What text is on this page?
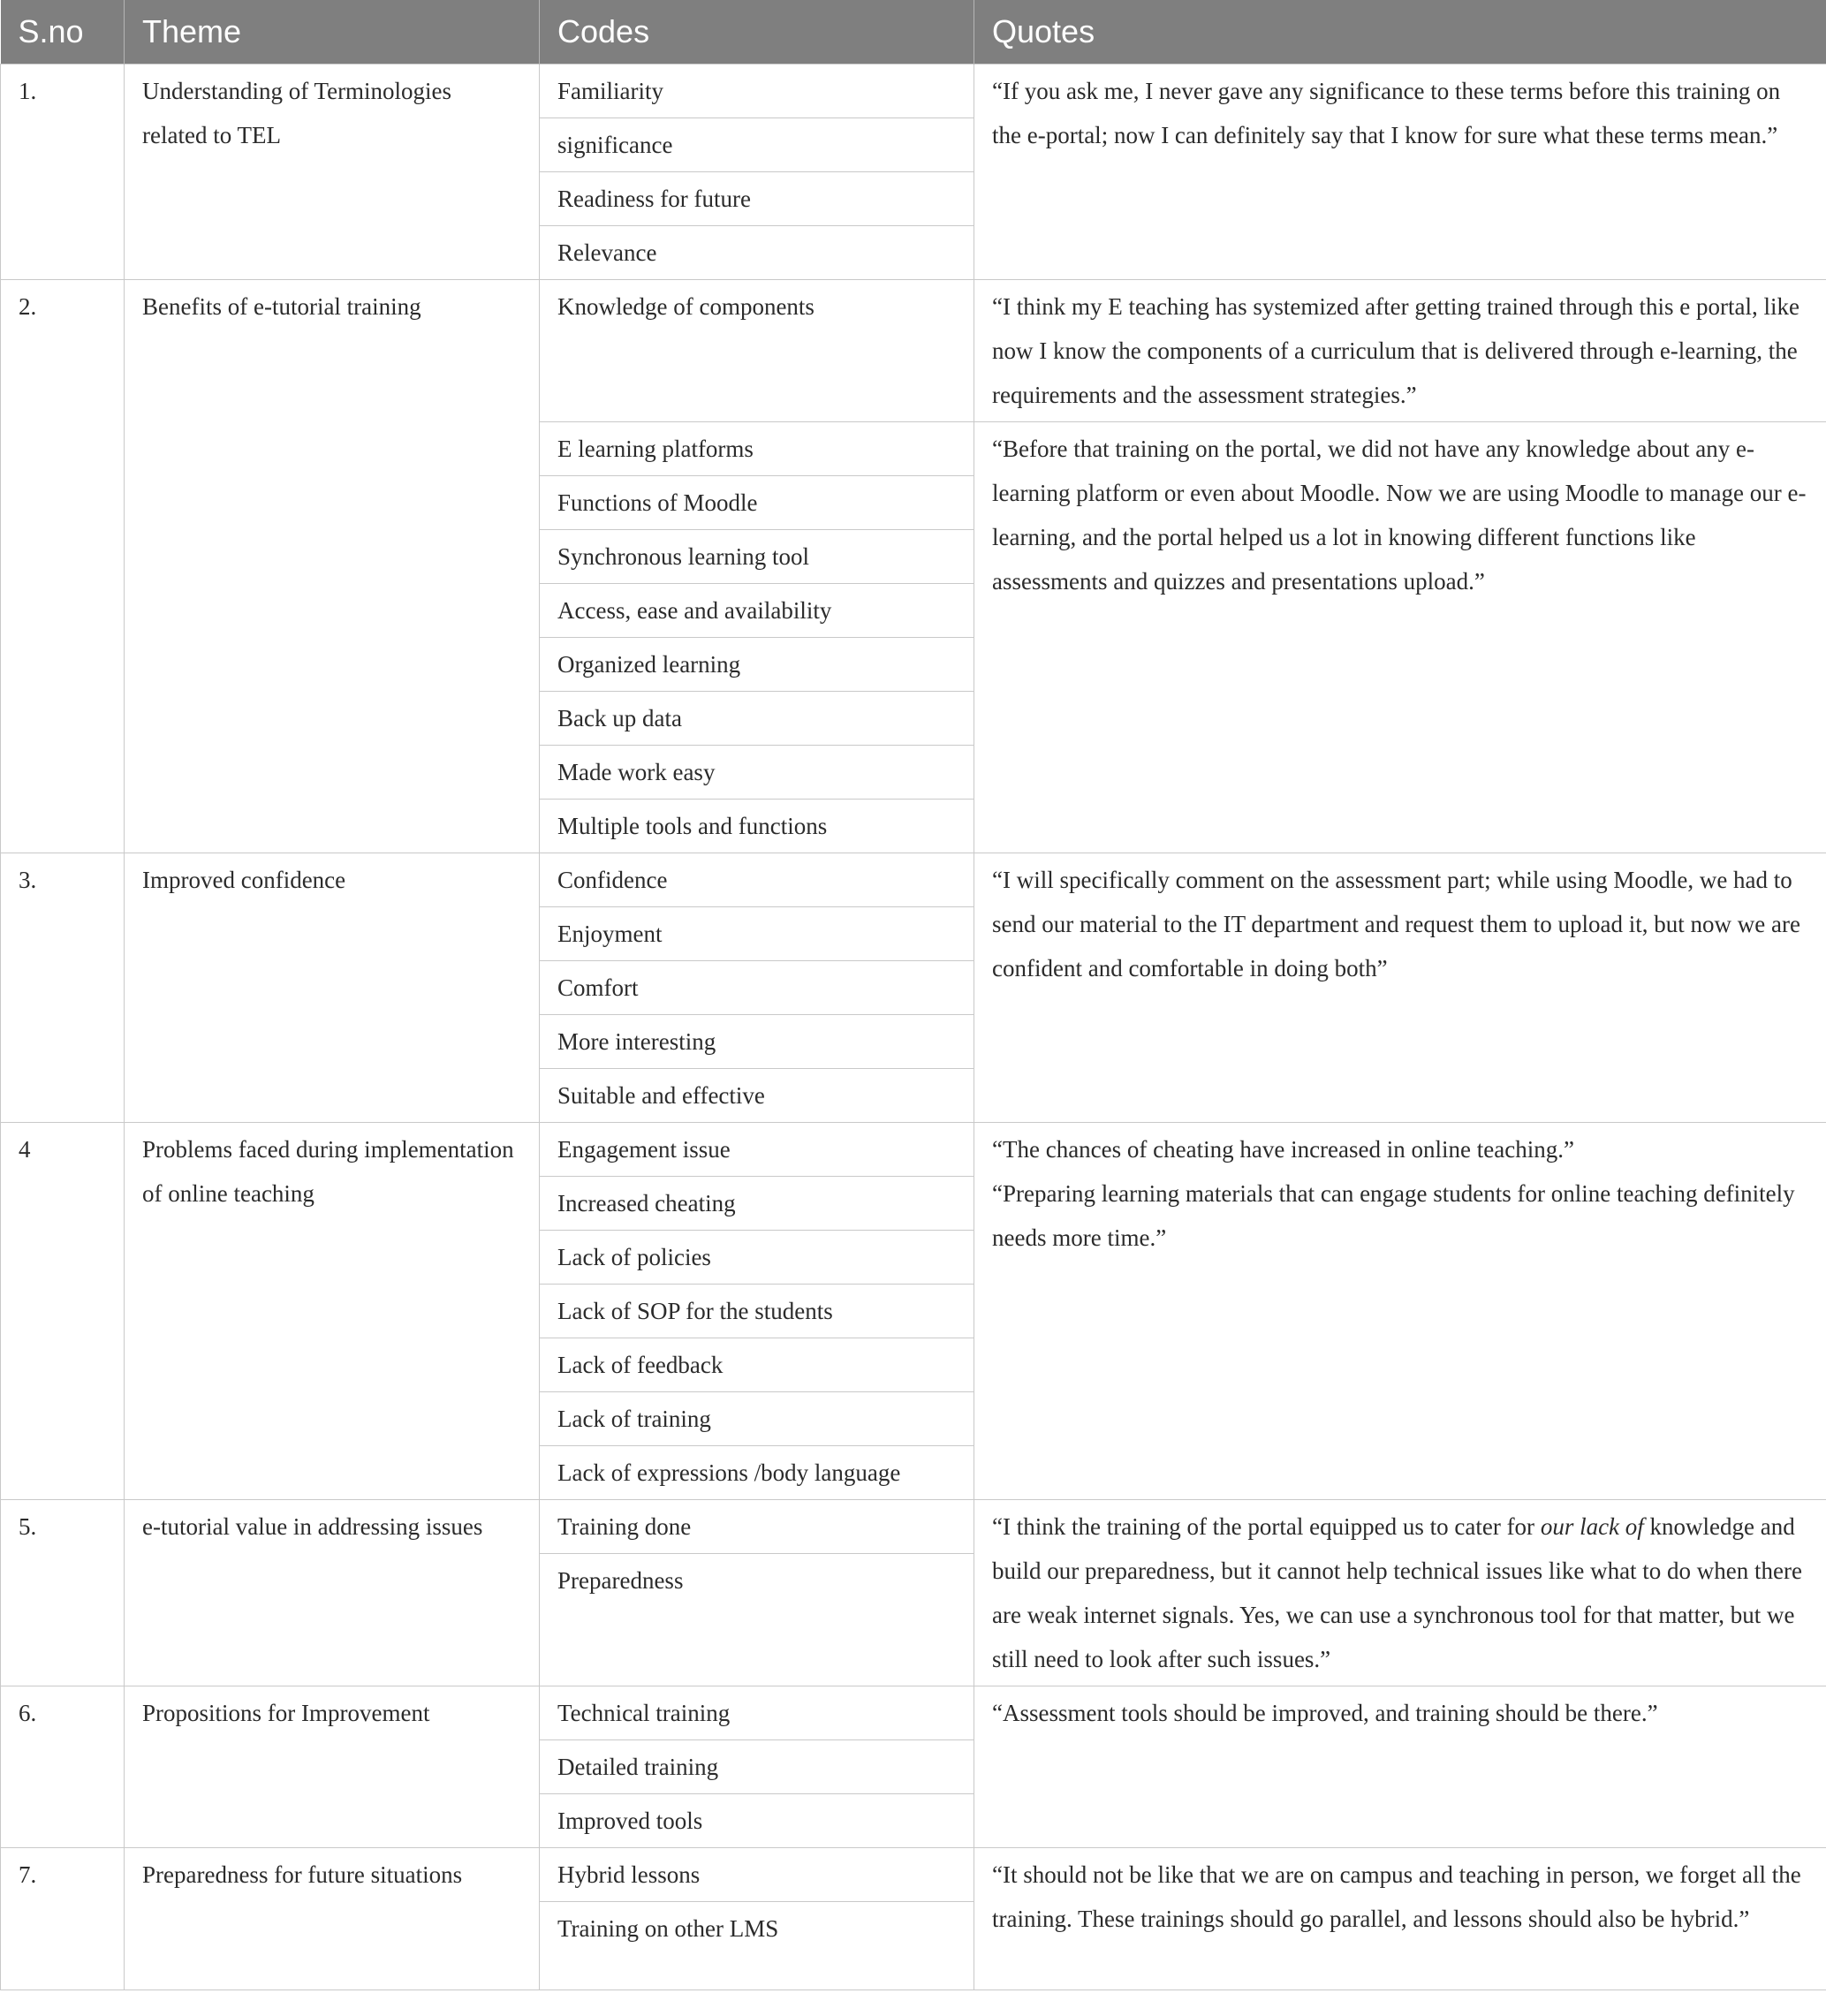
S.no	Theme	Codes	Quotes
1.	Understanding of Terminologies related to TEL	Familiarity	“If you ask me, I never gave any significance to these terms before this training on the e-portal; now I can definitely say that I know for sure what these terms mean.”

		significance	
		Readiness for future	
		Relevance	
2.	Benefits of e-tutorial training	Knowledge of components	“I think my E teaching has systemized after getting trained through this e portal, like now I know the components of a curriculum that is delivered through e-learning, the requirements and the assessment strategies.”

		E learning platforms	“Before that training on the portal, we did not have any knowledge about any e-learning platform or even about Moodle. Now we are using Moodle to manage our e-learning, and the portal helped us a lot in knowing different functions like assessments and quizzes and presentations upload.”

		Functions of Moodle	
		Synchronous learning tool	
		Access, ease and availability	
		Organized learning	
		Back up data	
		Made work easy	
		Multiple tools and functions	
3.	Improved confidence	Confidence	“I will specifically comment on the assessment part; while using Moodle, we had to send our material to the IT department and request them to upload it, but now we are confident and comfortable in doing both”

		Enjoyment	
		Comfort	
		More interesting	
		Suitable and effective	
4	Problems faced during implementation of online teaching	Engagement issue	“The chances of cheating have increased in online teaching.”

“Preparing learning materials that can engage students for online teaching definitely needs more time.”

		Increased cheating	
		Lack of policies	
		Lack of SOP for the students	
		Lack of feedback	
		Lack of training	
		Lack of expressions /body language	
5.	e-tutorial value in addressing issues	Training done	“I think the training of the portal equipped us to cater for our lack of knowledge and build our preparedness, but it cannot help technical issues like what to do when there are weak internet signals. Yes, we can use a synchronous tool for that matter, but we still need to look after such issues.”

		Preparedness	
6.	Propositions for Improvement	Technical training	“Assessment tools should be improved, and training should be there.”

		Detailed training	
		Improved tools	
7.	Preparedness for future situations	Hybrid lessons	“It should not be like that we are on campus and teaching in person, we forget all the training. These trainings should go parallel, and lessons should also be hybrid.”

		Training on other LMS	
